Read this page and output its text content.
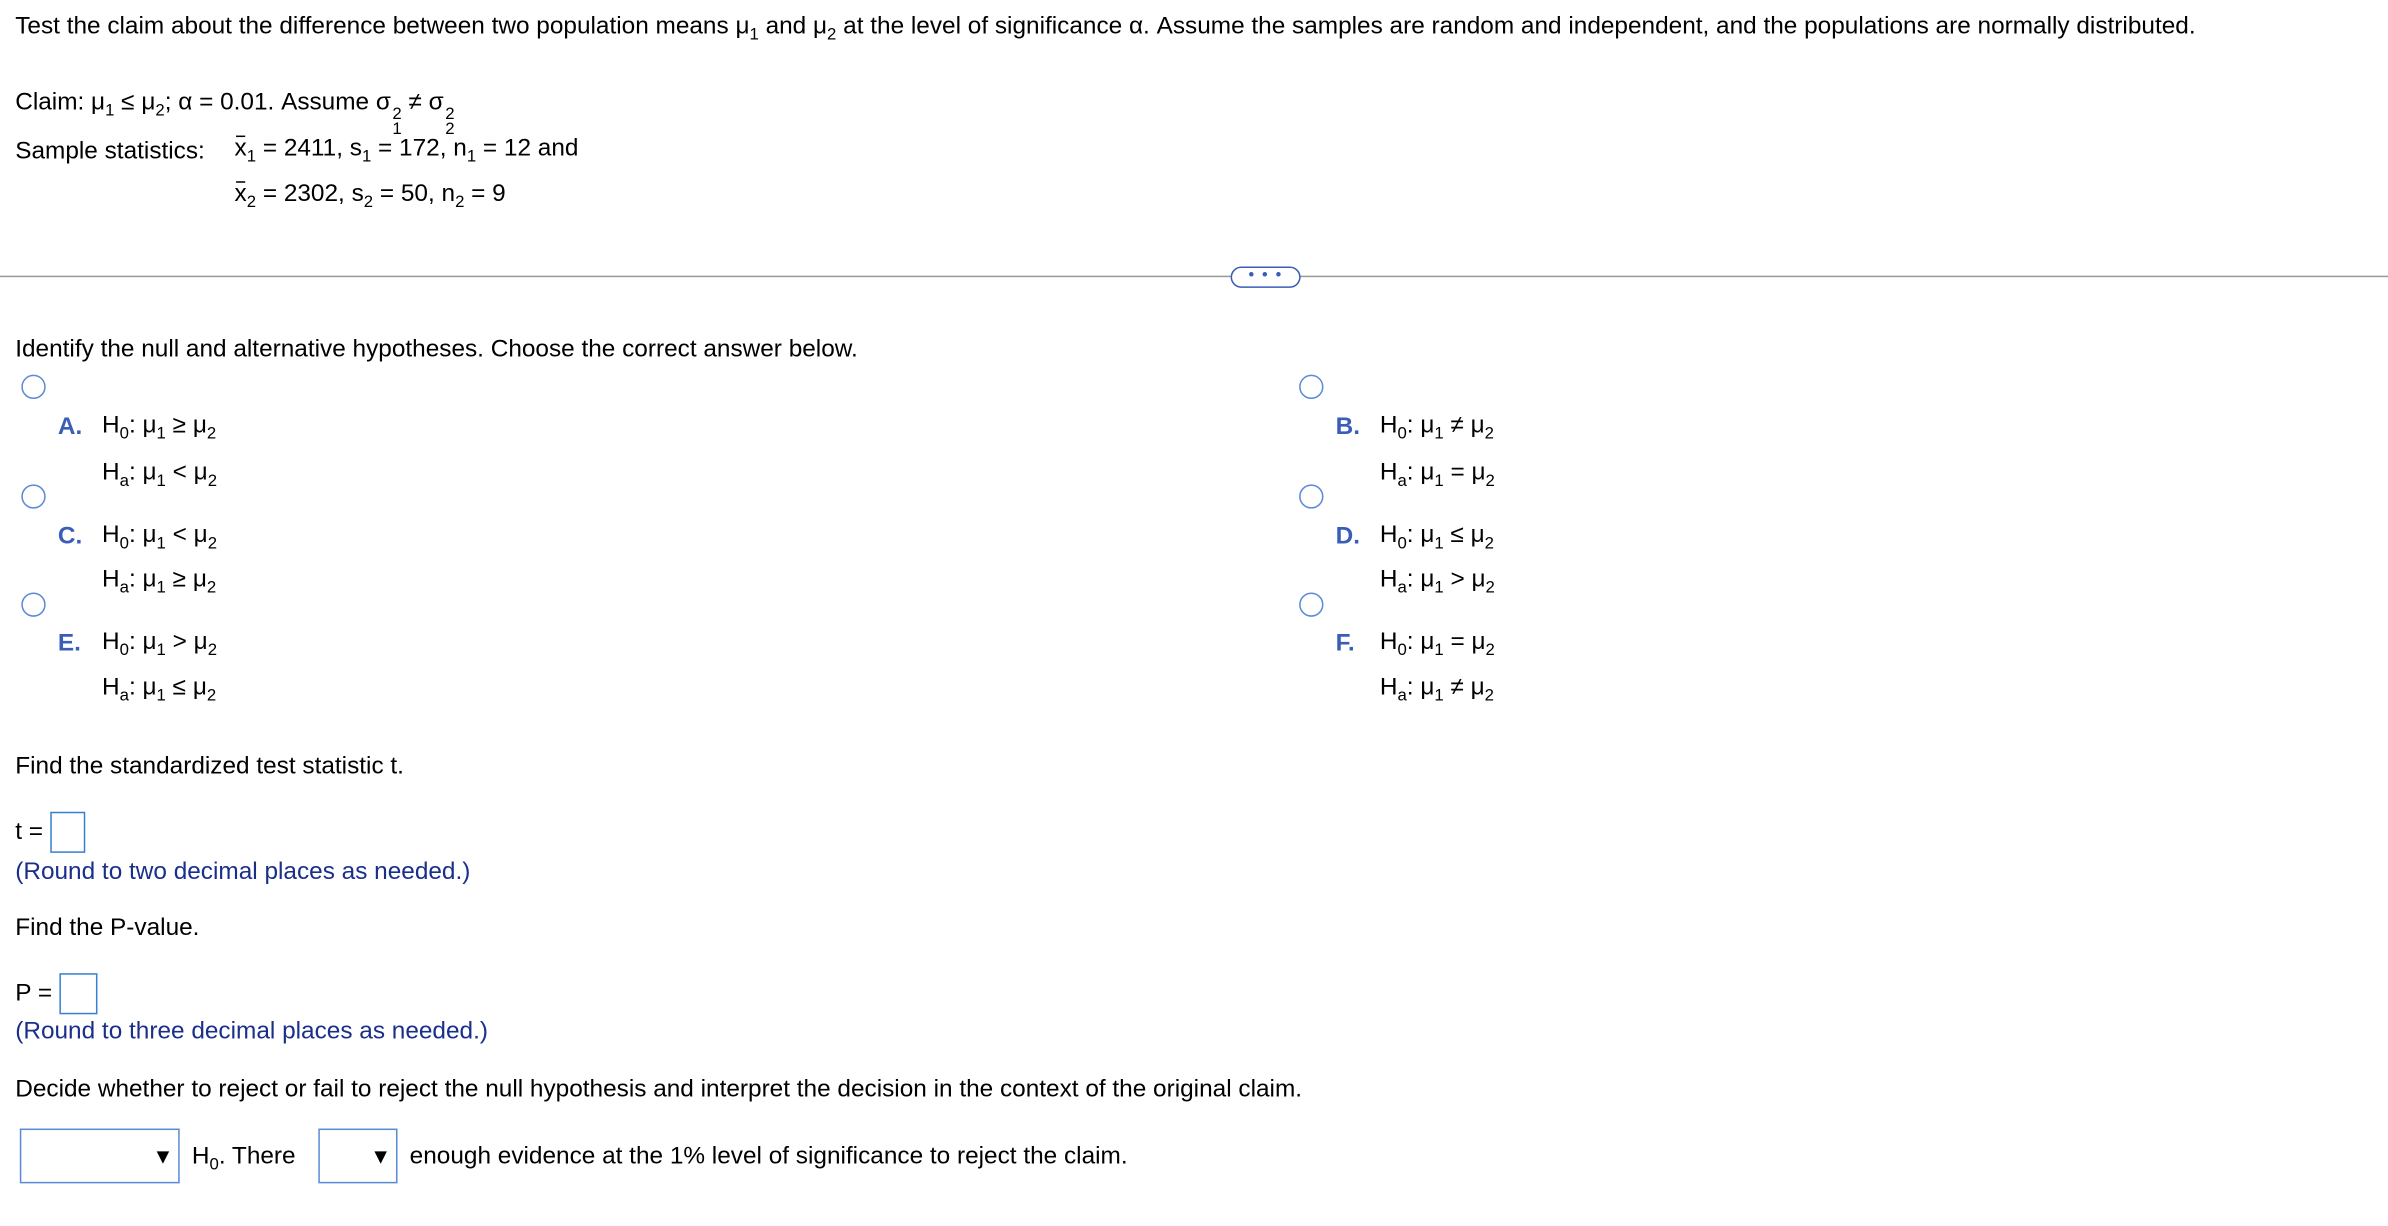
Test the claim about the difference between two population means $\mu_1$ and $\mu_2$ at the level of significance α. Assume the samples are random and independent, and the populations are normally distributed.
Claim: $\mu_1 \le \mu_2$; α = 0.01. Assume σ 2
1
≠ σ 2
2
Sample statistics: $x_1 = 2411$, $s_1 = 172$, $n_1 = 12$ and
$x_2 = 2302$, $s_2 = 50$, $n_2 = 9$
• • •
Identify the null and alternative hypotheses. Choose the correct answer below.
A. $H_0$: $\mu_1 \ge \mu_2$
$H_a$: $\mu_1 < \mu_2$
B. $H_0$: $\mu_1 \ne \mu_2$
$H_a$: $\mu_1 = \mu_2$
C. $H_0$: $\mu_1 < \mu_2$
$H_a$: $\mu_1 \ge \mu_2$
D. $H_0$: $\mu_1 \le \mu_2$
$H_a$: $\mu_1 > \mu_2$
E. $H_0$: $\mu_1 > \mu_2$
$H_a$: $\mu_1 \le \mu_2$
F. $H_0$: $\mu_1 = \mu_2$
$H_a$: $\mu_1 \ne \mu_2$
Find the standardized test statistic t.
t =
(Round to two decimal places as needed.)
Find the P-value.
P =
(Round to three decimal places as needed.)
Decide whether to reject or fail to reject the null hypothesis and interpret the decision in the context of the original claim.
▼ $H_0$. There	▼ enough evidence at the 1% level of significance to reject the claim.
